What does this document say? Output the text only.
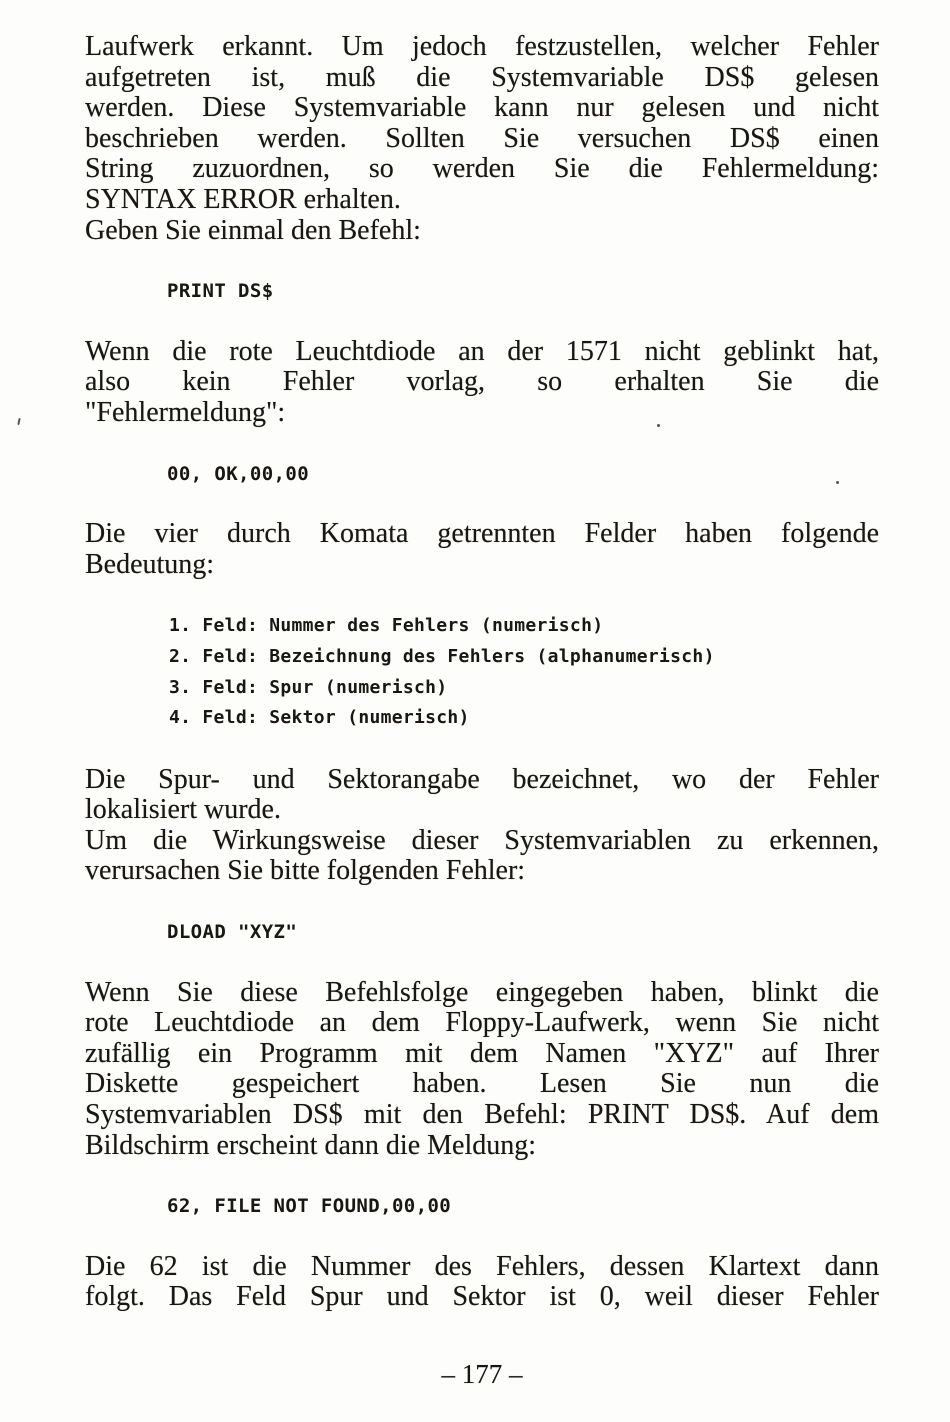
Laufwerk erkannt. Um jedoch festzustellen, welcher Fehler
aufgetreten ist, muß die Systemvariable DS$ gelesen
werden. Diese Systemvariable kann nur gelesen und nicht
beschrieben werden. Sollten Sie versuchen DS$ einen
String zuzuordnen, so werden Sie die Fehlermeldung:
SYNTAX ERROR erhalten.
Geben Sie einmal den Befehl:
PRINT DS$
Wenn die rote Leuchtdiode an der 1571 nicht geblinkt hat,
also kein Fehler vorlag, so erhalten Sie die
"Fehlermeldung":
00, OK,00,00
Die vier durch Komata getrennten Felder haben folgende
Bedeutung:
1. Feld: Nummer des Fehlers (numerisch)
2. Feld: Bezeichnung des Fehlers (alphanumerisch)
3. Feld: Spur (numerisch)
4. Feld: Sektor (numerisch)
Die Spur- und Sektorangabe bezeichnet, wo der Fehler
lokalisiert wurde.
Um die Wirkungsweise dieser Systemvariablen zu erkennen,
verursachen Sie bitte folgenden Fehler:
DLOAD "XYZ"
Wenn Sie diese Befehlsfolge eingegeben haben, blinkt die
rote Leuchtdiode an dem Floppy-Laufwerk, wenn Sie nicht
zufällig ein Programm mit dem Namen "XYZ" auf Ihrer
Diskette gespeichert haben. Lesen Sie nun die
Systemvariablen DS$ mit den Befehl: PRINT DS$. Auf dem
Bildschirm erscheint dann die Meldung:
62, FILE NOT FOUND,00,00
Die 62 ist die Nummer des Fehlers, dessen Klartext dann
folgt. Das Feld Spur und Sektor ist 0, weil dieser Fehler
– 177 –
